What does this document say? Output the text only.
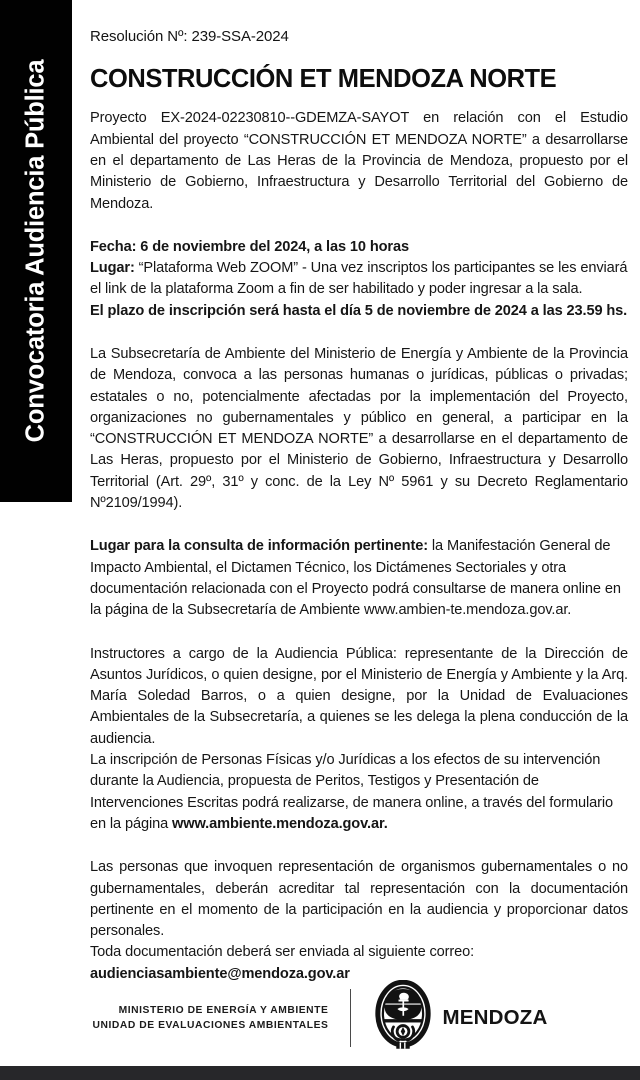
Convocatoria Audiencia Pública

Resolución Nº: 239-SSA-2024

CONSTRUCCIÓN ET MENDOZA NORTE

Proyecto EX-2024-02230810--GDEMZA-SAYOT en relación con el Estudio Ambiental del proyecto “CONSTRUCCIÓN ET MENDOZA NORTE” a desarrollarse en el departamento de Las Heras de la Provincia de Mendoza, propuesto por el Ministerio de Gobierno, Infraestructura y Desarrollo Territorial del Gobierno de Mendoza.

Fecha: 6 de noviembre del 2024, a las 10 horas

Lugar: “Plataforma Web ZOOM” - Una vez inscriptos los participantes se les enviará el link de la plataforma Zoom a fin de ser habilitado y poder ingresar a la sala.

El plazo de inscripción será hasta el día 5 de noviembre de 2024 a las 23.59 hs.

La Subsecretaría de Ambiente del Ministerio de Energía y Ambiente de la Provincia de Mendoza, convoca a las personas humanas o jurídicas, públicas o privadas; estatales o no, potencialmente afectadas por la implementación del Proyecto, organizaciones no gubernamentales y público en general, a participar en la “CONSTRUCCIÓN ET MENDOZA NORTE” a desarrollarse en el departamento de Las Heras, propuesto por el Ministerio de Gobierno, Infraestructura y Desarrollo Territorial (Art. 29º, 31º y conc. de la Ley Nº 5961 y su Decreto Reglamentario Nº2109/1994).

Lugar para la consulta de información pertinente: la Manifestación General de Impacto Ambiental, el Dictamen Técnico, los Dictámenes Sectoriales y otra documentación relacionada con el Proyecto podrá consultarse de manera online en la página de la Subsecretaría de Ambiente www.ambien-te.mendoza.gov.ar.

Instructores a cargo de la Audiencia Pública: representante de la Dirección de Asuntos Jurídicos, o quien designe, por el Ministerio de Energía y Ambiente y la Arq. María Soledad Barros, o a quien designe, por la Unidad de Evaluaciones Ambientales de la Subsecretaría, a quienes se les delega la plena conducción de la audiencia.

La inscripción de Personas Físicas y/o Jurídicas a los efectos de su intervención durante la Audiencia, propuesta de Peritos, Testigos y Presentación de Intervenciones Escritas podrá realizarse, de manera online, a través del formulario en la página www.ambiente.mendoza.gov.ar.

Las personas que invoquen representación de organismos gubernamentales o no gubernamentales, deberán acreditar tal representación con la documentación pertinente en el momento de la participación en la audiencia y proporcionar datos personales.

Toda documentación deberá ser enviada al siguiente correo:

audienciasambiente@mendoza.gov.ar

MINISTERIO DE ENERGÍA Y AMBIENTE
UNIDAD DE EVALUACIONES AMBIENTALES	MENDOZA
